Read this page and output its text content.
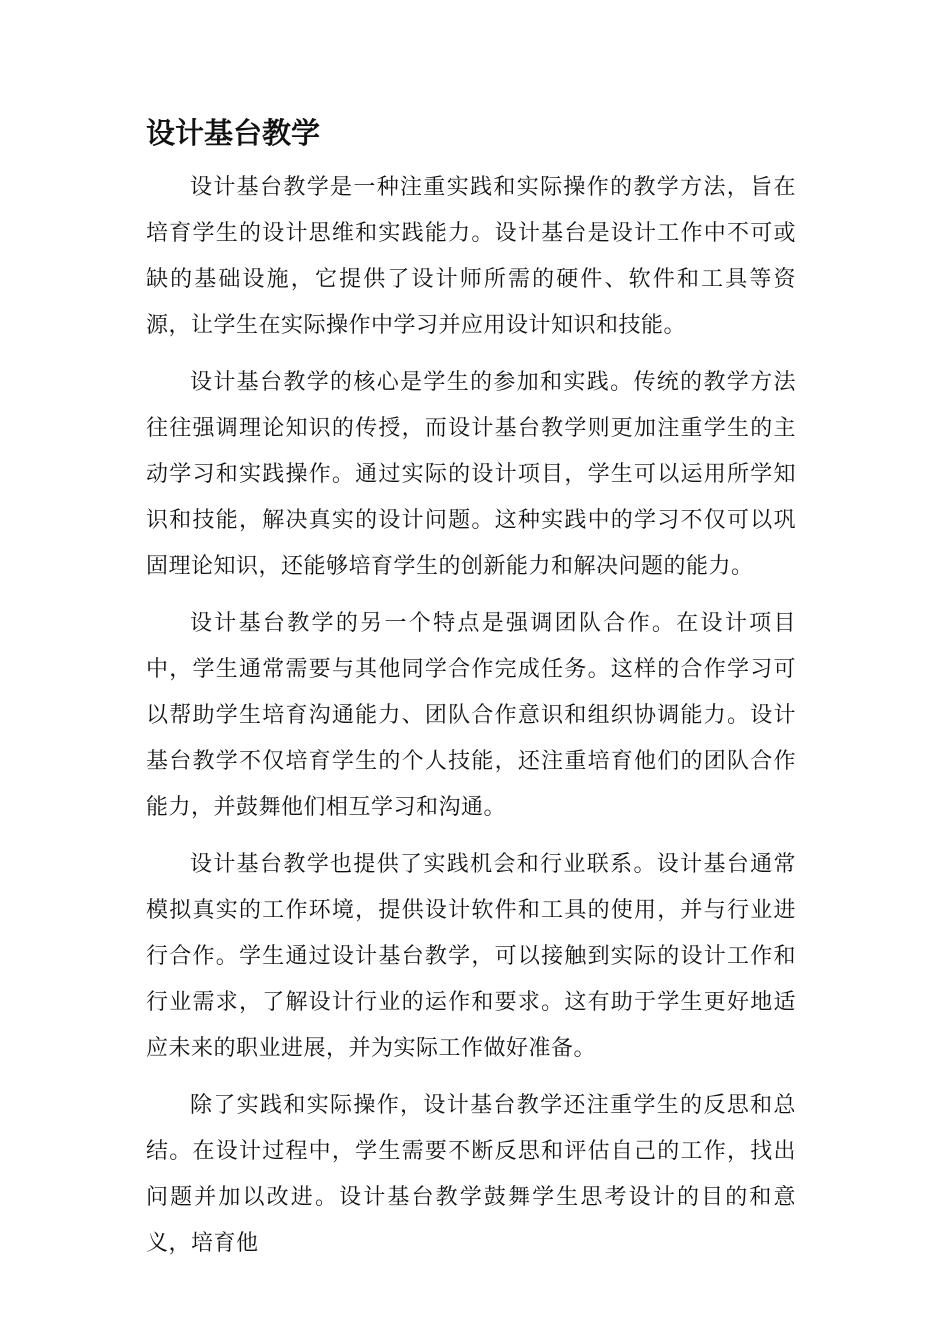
设计基台教学

设计基台教学是一种注重实践和实际操作的教学方法，旨在培育学生的设计思维和实践能力。设计基台是设计工作中不可或缺的基础设施，它提供了设计师所需的硬件、软件和工具等资源，让学生在实际操作中学习并应用设计知识和技能。

设计基台教学的核心是学生的参加和实践。传统的教学方法往往强调理论知识的传授，而设计基台教学则更加注重学生的主动学习和实践操作。通过实际的设计项目，学生可以运用所学知识和技能，解决真实的设计问题。这种实践中的学习不仅可以巩固理论知识，还能够培育学生的创新能力和解决问题的能力。

设计基台教学的另一个特点是强调团队合作。在设计项目中，学生通常需要与其他同学合作完成任务。这样的合作学习可以帮助学生培育沟通能力、团队合作意识和组织协调能力。设计基台教学不仅培育学生的个人技能，还注重培育他们的团队合作能力，并鼓舞他们相互学习和沟通。

设计基台教学也提供了实践机会和行业联系。设计基台通常模拟真实的工作环境，提供设计软件和工具的使用，并与行业进行合作。学生通过设计基台教学，可以接触到实际的设计工作和行业需求，了解设计行业的运作和要求。这有助于学生更好地适应未来的职业进展，并为实际工作做好准备。

除了实践和实际操作，设计基台教学还注重学生的反思和总结。在设计过程中，学生需要不断反思和评估自己的工作，找出问题并加以改进。设计基台教学鼓舞学生思考设计的目的和意义，培育他
